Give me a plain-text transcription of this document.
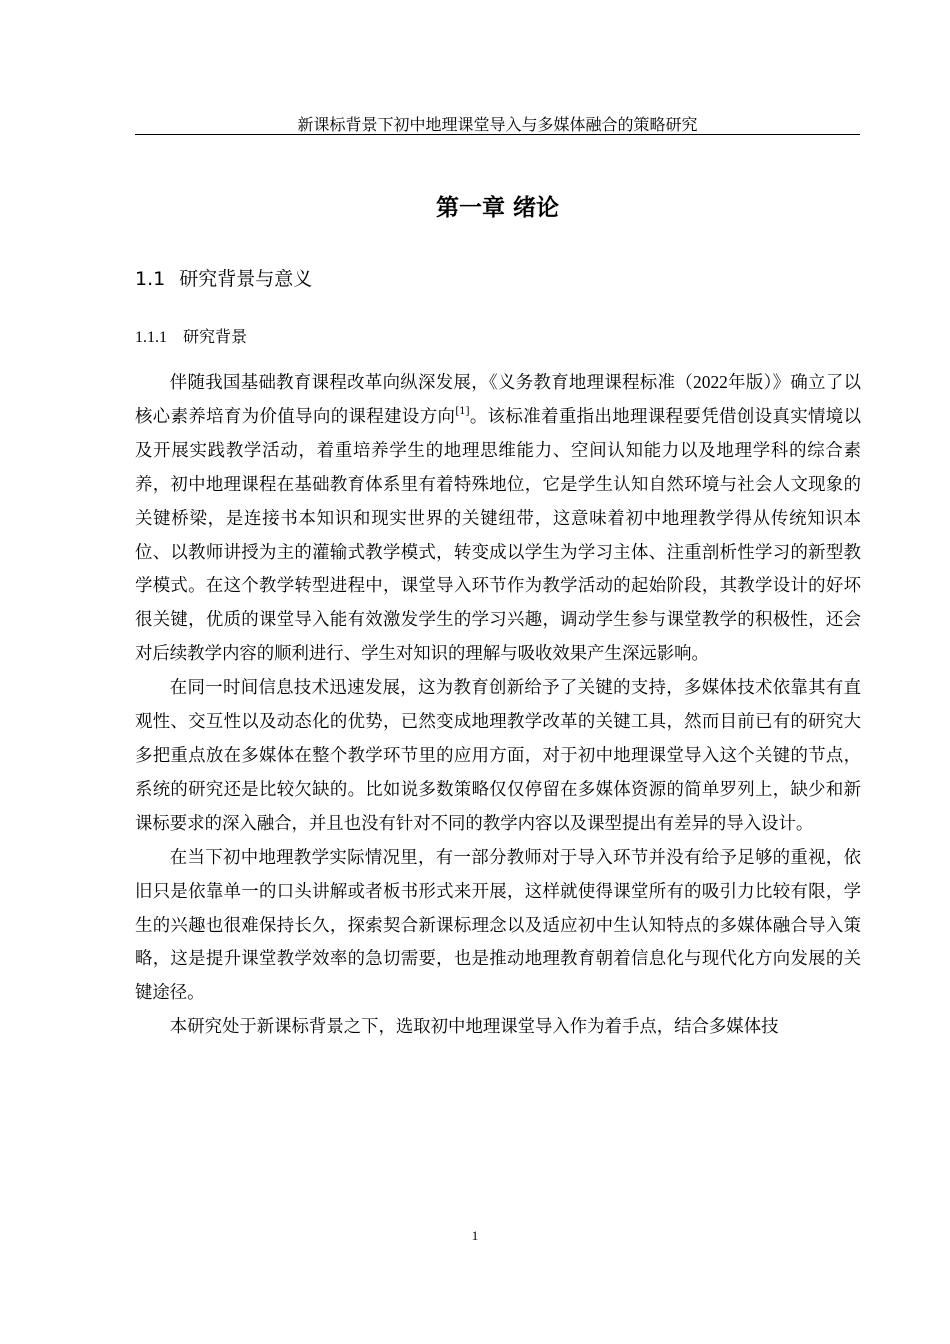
新课标背景下初中地理课堂导入与多媒体融合的策略研究
第一章 绪论
1.1 研究背景与意义
1.1.1 研究背景

伴随我国基础教育课程改革向纵深发展，《义务教育地理课程标准（2022年版）》确立了以核心素养培育为价值导向的课程建设方向[1]。该标准着重指出地理课程要凭借创设真实情境以及开展实践教学活动，着重培养学生的地理思维能力、空间认知能力以及地理学科的综合素养，初中地理课程在基础教育体系里有着特殊地位，它是学生认知自然环境与社会人文现象的关键桥梁，是连接书本知识和现实世界的关键纽带，这意味着初中地理教学得从传统知识本位、以教师讲授为主的灌输式教学模式，转变成以学生为学习主体、注重剖析性学习的新型教学模式。在这个教学转型进程中，课堂导入环节作为教学活动的起始阶段，其教学设计的好坏很关键，优质的课堂导入能有效激发学生的学习兴趣，调动学生参与课堂教学的积极性，还会对后续教学内容的顺利进行、学生对知识的理解与吸收效果产生深远影响。

在同一时间信息技术迅速发展，这为教育创新给予了关键的支持，多媒体技术依靠其有直观性、交互性以及动态化的优势，已然变成地理教学改革的关键工具，然而目前已有的研究大多把重点放在多媒体在整个教学环节里的应用方面，对于初中地理课堂导入这个关键的节点，系统的研究还是比较欠缺的。比如说多数策略仅仅停留在多媒体资源的简单罗列上，缺少和新课标要求的深入融合，并且也没有针对不同的教学内容以及课型提出有差异的导入设计。

在当下初中地理教学实际情况里，有一部分教师对于导入环节并没有给予足够的重视，依旧只是依靠单一的口头讲解或者板书形式来开展，这样就使得课堂所有的吸引力比较有限，学生的兴趣也很难保持长久，探索契合新课标理念以及适应初中生认知特点的多媒体融合导入策略，这是提升课堂教学效率的急切需要，也是推动地理教育朝着信息化与现代化方向发展的关键途径。

本研究处于新课标背景之下，选取初中地理课堂导入作为着手点，结合多媒体技

1
